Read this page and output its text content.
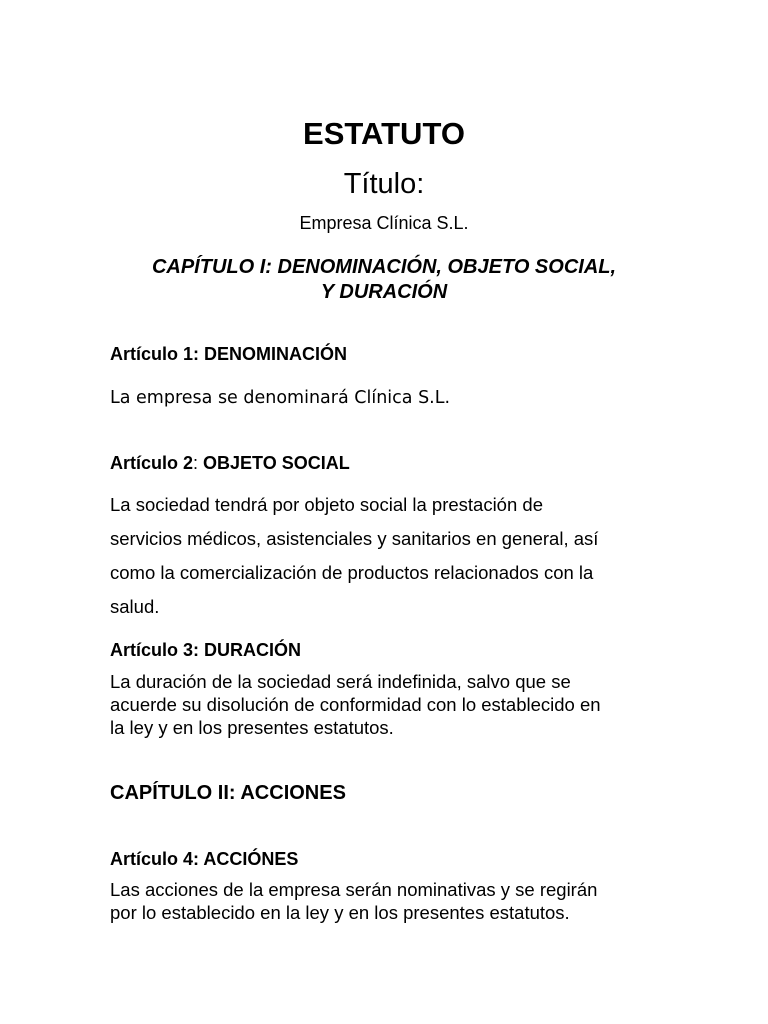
ESTATUTO
Título:
Empresa Clínica S.L.
CAPÍTULO I: DENOMINACIÓN, OBJETO SOCIAL,
Y DURACIÓN
Artículo 1: DENOMINACIÓN

La empresa se denominará Clínica S.L.

Artículo 2: OBJETO SOCIAL

La sociedad tendrá por objeto social la prestación de
servicios médicos, asistenciales y sanitarios en general, así
como la comercialización de productos relacionados con la
salud.

Artículo 3: DURACIÓN

La duración de la sociedad será indefinida, salvo que se
acuerde su disolución de conformidad con lo establecido en
la ley y en los presentes estatutos.

CAPÍTULO II: ACCIONES
Artículo 4: ACCIÓNES

Las acciones de la empresa serán nominativas y se regirán
por lo establecido en la ley y en los presentes estatutos.
